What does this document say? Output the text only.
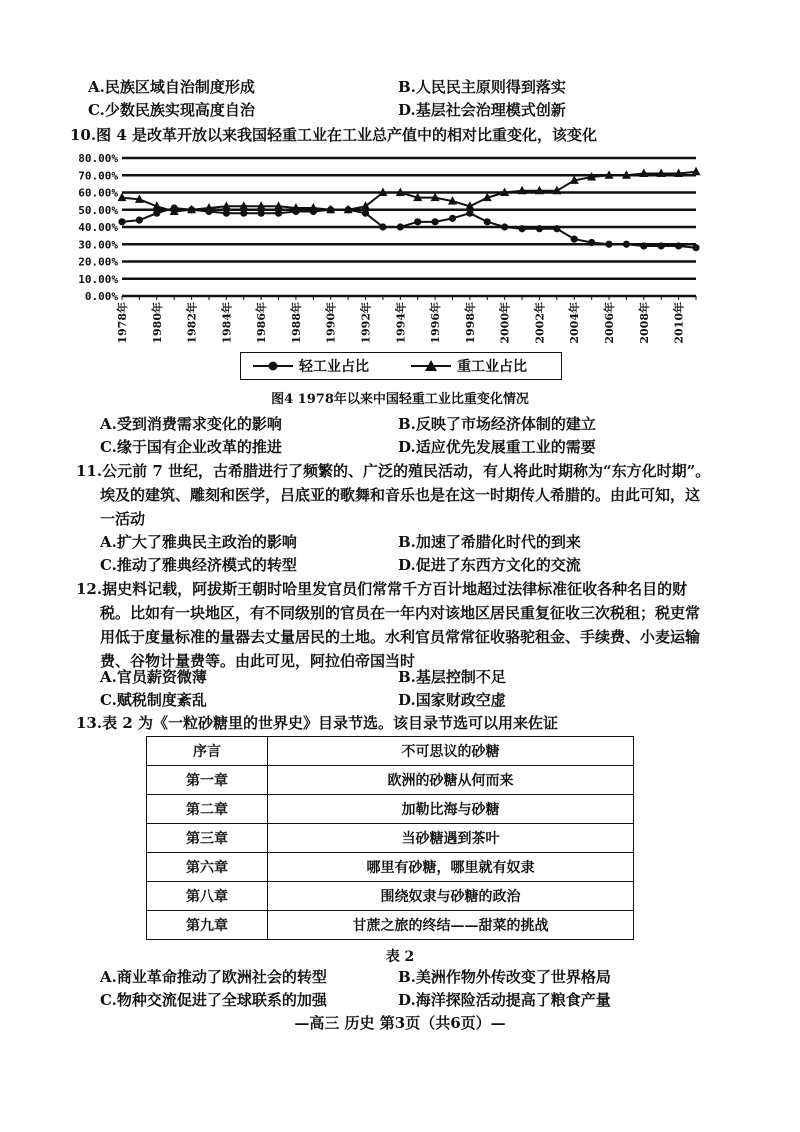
A.民族区域自治制度形成	B.人民民主原则得到落实
C.少数民族实现高度自治	D.基层社会治理模式创新
10.图 4 是改革开放以来我国轻重工业在工业总产值中的相对比重变化，该变化
0.00%
10.00%
20.00%
30.00%
40.00%
50.00%
60.00%
70.00%
80.00%
1978年 1980年 1982年 1984年 1986年 1988年 1990年 1992年 1994年 1996年 1998年 2000年 2002年 2004年 2006年 2008年 2010年
轻工业占比	重工业占比
图4 1978年以来中国轻重工业比重变化情况
A.受到消费需求变化的影响	B.反映了市场经济体制的建立
C.缘于国有企业改革的推进	D.适应优先发展重工业的需要
11.公元前 7 世纪，古希腊进行了频繁的、广泛的殖民活动，有人将此时期称为“东方化时期”。
埃及的建筑、雕刻和医学，吕底亚的歌舞和音乐也是在这一时期传人希腊的。由此可知，这
一活动
A.扩大了雅典民主政治的影响	B.加速了希腊化时代的到来
C.推动了雅典经济模式的转型	D.促进了东西方文化的交流
12.据史料记载，阿拔斯王朝时哈里发官员们常常千方百计地超过法律标准征收各种名目的财
税。比如有一块地区，有不同级别的官员在一年内对该地区居民重复征收三次税租；税吏常
用低于度量标准的量器去丈量居民的土地。水利官员常常征收骆驼租金、手续费、小麦运输
费、谷物计量费等。由此可见，阿拉伯帝国当时
A.官员薪资微薄	B.基层控制不足
C.赋税制度紊乱	D.国家财政空虚
13.表 2 为《一粒砂糖里的世界史》目录节选。该目录节选可以用来佐证
序言	不可思议的砂糖
第一章	欧洲的砂糖从何而来
第二章	加勒比海与砂糖
第三章	当砂糖遇到茶叶
第六章	哪里有砂糖，哪里就有奴隶
第八章	围绕奴隶与砂糖的政治
第九章	甘蔗之旅的终结——甜菜的挑战
表 2
A.商业革命推动了欧洲社会的转型	B.美洲作物外传改变了世界格局
C.物种交流促进了全球联系的加强	D.海洋探险活动提高了粮食产量
—高三 历史 第3页（共6页）—
